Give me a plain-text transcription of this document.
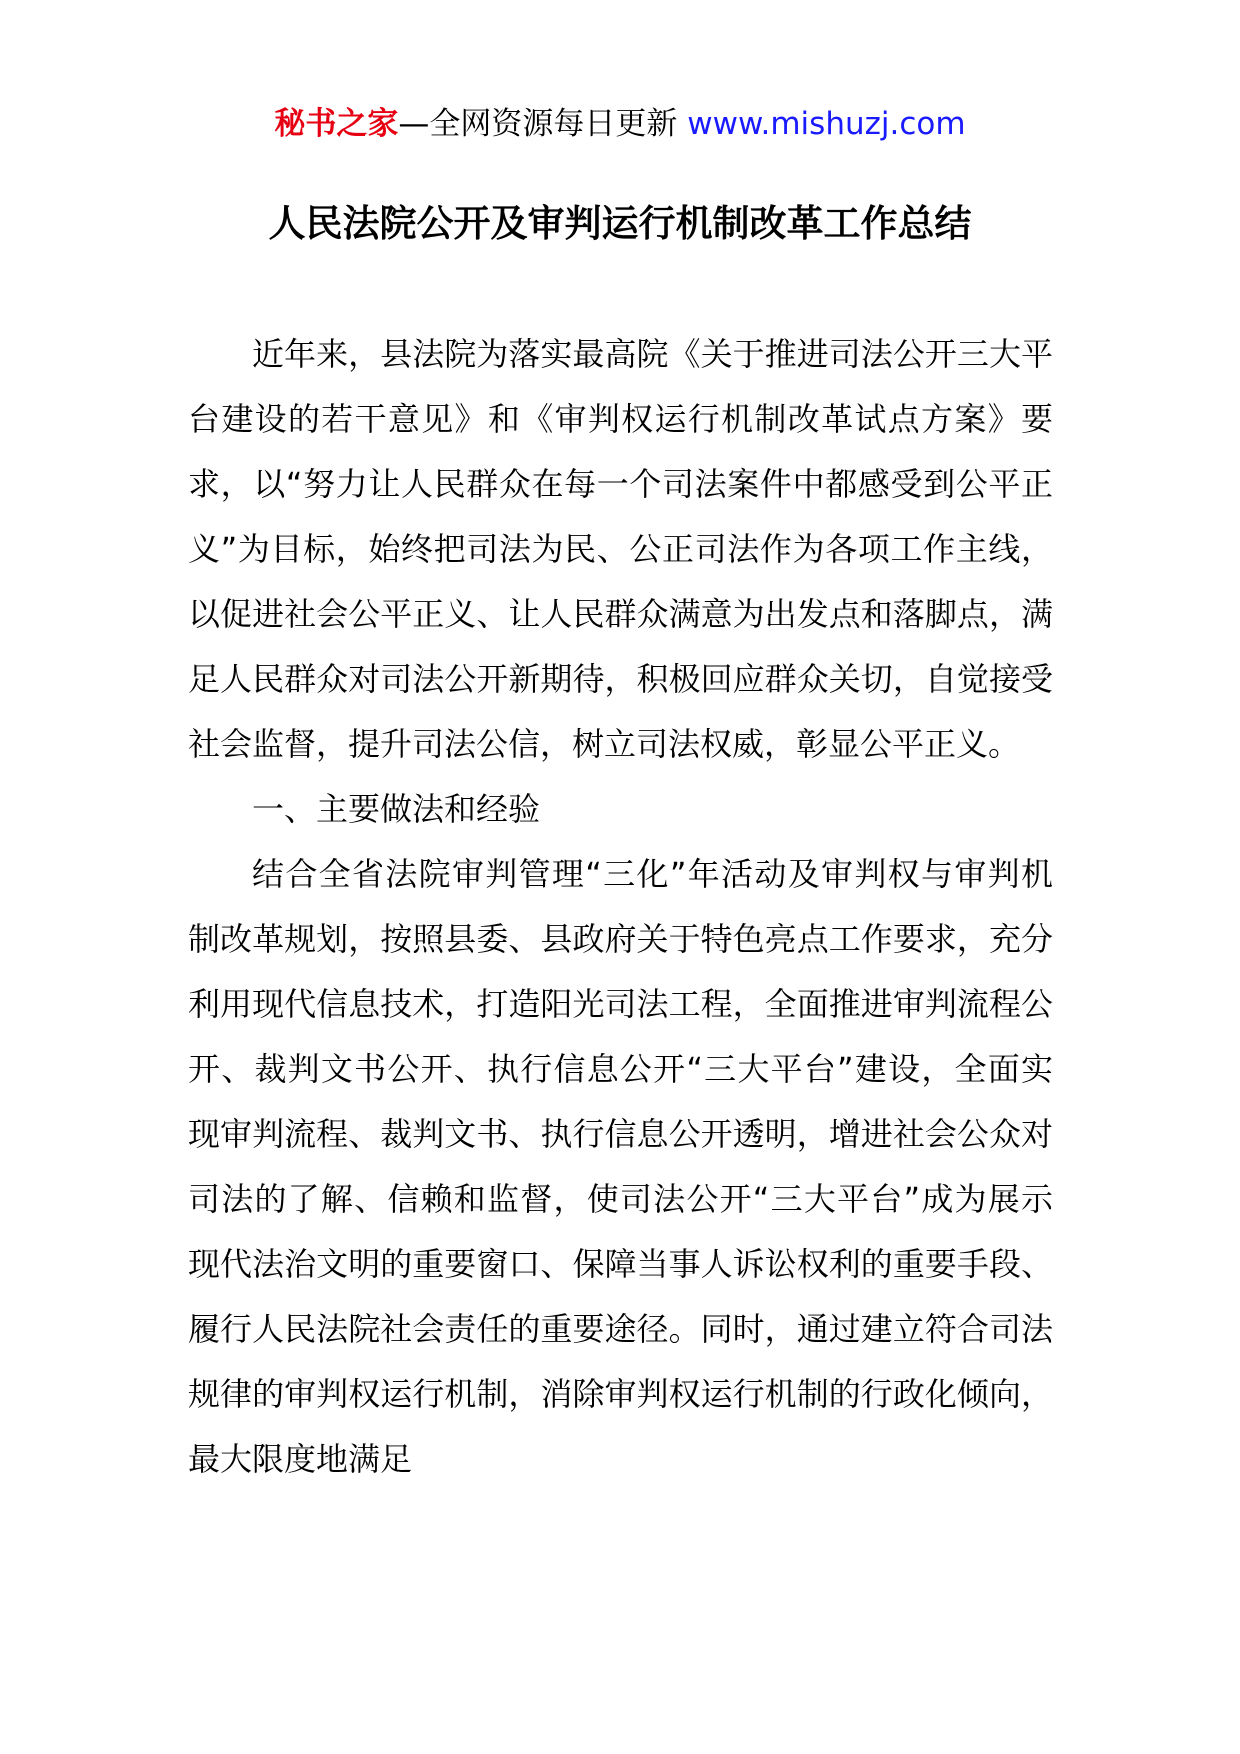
秘书之家—全网资源每日更新 www.mishuzj.com
人民法院公开及审判运行机制改革工作总结

近年来，县法院为落实最高院《关于推进司法公开三大平台建设的若干意见》和《审判权运行机制改革试点方案》要求，以“努力让人民群众在每一个司法案件中都感受到公平正义”为目标，始终把司法为民、公正司法作为各项工作主线，以促进社会公平正义、让人民群众满意为出发点和落脚点，满足人民群众对司法公开新期待，积极回应群众关切，自觉接受社会监督，提升司法公信，树立司法权威，彰显公平正义。

一、主要做法和经验

结合全省法院审判管理“三化”年活动及审判权与审判机制改革规划，按照县委、县政府关于特色亮点工作要求，充分利用现代信息技术，打造阳光司法工程，全面推进审判流程公开、裁判文书公开、执行信息公开“三大平台”建设，全面实现审判流程、裁判文书、执行信息公开透明，增进社会公众对司法的了解、信赖和监督，使司法公开“三大平台”成为展示现代法治文明的重要窗口、保障当事人诉讼权利的重要手段、履行人民法院社会责任的重要途径。同时，通过建立符合司法规律的审判权运行机制，消除审判权运行机制的行政化倾向，最大限度地满足
